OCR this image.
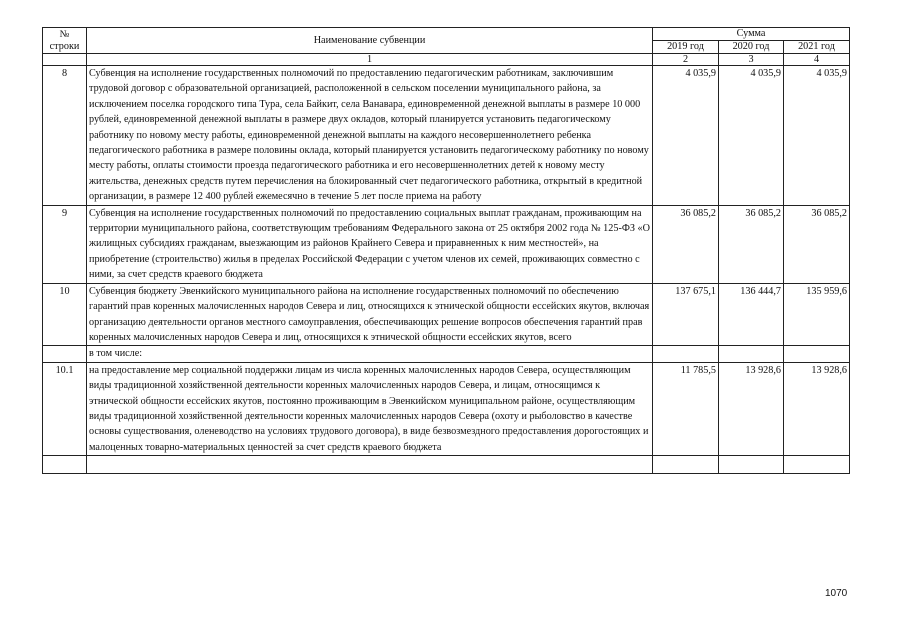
№
строки	Наименование субвенции	Сумма		
		2019 год	2020 год	2021 год
	1	2	3	4
8	Субвенция на исполнение государственных полномочий по предоставлению педагогическим работникам, заключившим трудовой договор с образовательной организацией, расположенной в сельском поселении муниципального района, за исключением поселка городского типа Тура, села Байкит, села Ванавара, единовременной денежной выплаты в размере 10 000 рублей, единовременной денежной выплаты в размере двух окладов, который планируется установить педагогическому работнику по новому месту работы, единовременной денежной выплаты на каждого несовершеннолетнего ребенка педагогического работника в размере половины оклада, который планируется установить педагогическому работнику по новому месту работы, оплаты стоимости проезда педагогического работника и его несовершеннолетних детей к новому месту жительства, денежных средств путем перечисления на блокированный счет педагогического работника, открытый в кредитной организации, в размере 12 400 рублей ежемесячно в течение 5 лет после приема на работу	4 035,9	4 035,9	4 035,9
9	Субвенция на исполнение государственных полномочий по предоставлению социальных выплат гражданам, проживающим на территории муниципального района, соответствующим требованиям Федерального закона от 25 октября 2002 года № 125-ФЗ «О жилищных субсидиях гражданам, выезжающим из районов Крайнего Севера и приравненных к ним местностей», на приобретение (строительство) жилья в пределах Российской Федерации с учетом членов их семей, проживающих совместно с ними, за счет средств краевого бюджета	36 085,2	36 085,2	36 085,2
10	Субвенция бюджету Эвенкийского муниципального района на исполнение государственных полномочий по обеспечению гарантий прав коренных малочисленных народов Севера и лиц, относящихся к этнической общности ессейских якутов, включая организацию деятельности органов местного самоуправления, обеспечивающих решение вопросов обеспечения гарантий прав коренных малочисленных народов Севера и лиц, относящихся к этнической общности ессейских якутов, всего	137 675,1	136 444,7	135 959,6
	в том числе:			
10.1	на предоставление мер социальной поддержки лицам из числа коренных малочисленных народов Севера, осуществляющим виды традиционной хозяйственной деятельности коренных малочисленных народов Севера, и лицам, относящимся к этнической общности ессейских якутов, постоянно проживающим в Эвенкийском муниципальном районе, осуществляющим виды традиционной хозяйственной деятельности коренных малочисленных народов Севера (охоту и рыболовство в качестве основы существования, оленеводство на условиях трудового договора), в виде безвозмездного предоставления дорогостоящих и малоценных товарно-материальных ценностей за счет средств краевого бюджета	11 785,5	13 928,6	13 928,6

1070
